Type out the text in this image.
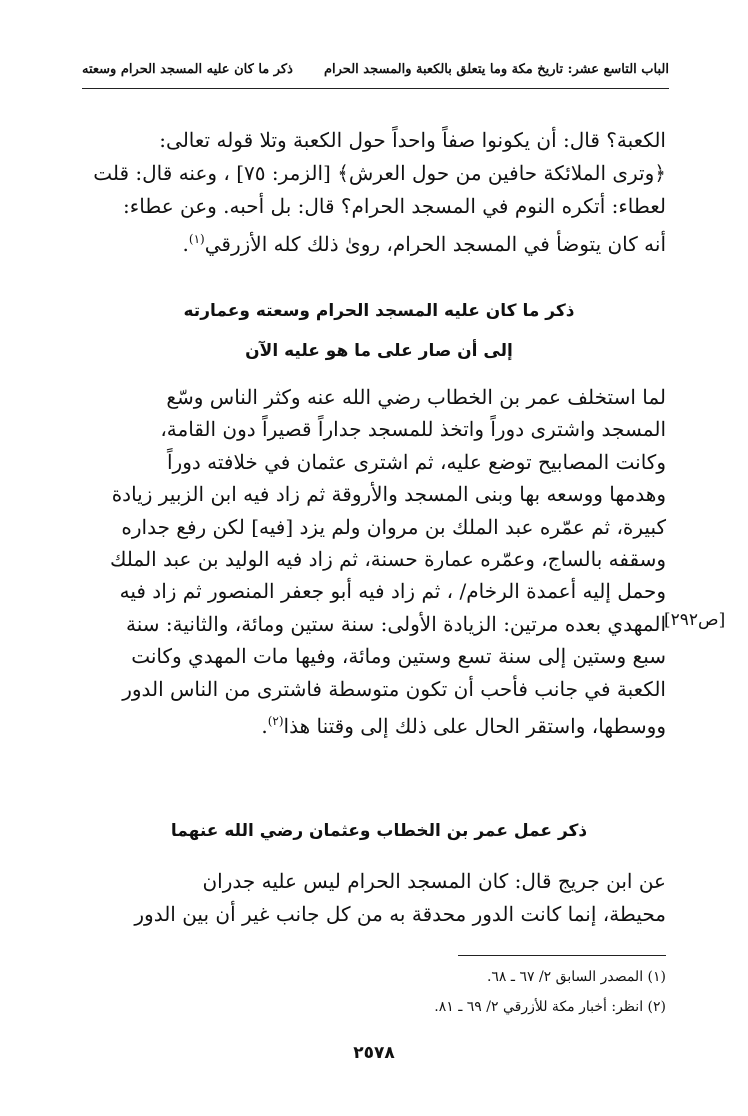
الباب التاسع عشر: تاريخ مكة وما يتعلق بالكعبة والمسجد الحرام
ذكر ما كان عليه المسجد الحرام وسعته
الكعبة؟ قال: أن يكونوا صفاً واحداً حول الكعبة وتلا قوله تعالى:
﴿وترى الملائكة حافين من حول العرش﴾ [الزمر: ٧٥] ، وعنه قال: قلت
لعطاء: أتكره النوم في المسجد الحرام؟ قال: بل أحبه. وعن عطاء:
أنه كان يتوضأ في المسجد الحرام، روىٰ ذلك كله الأزرقي$^{(١)}$.
ذكر ما كان عليه المسجد الحرام وسعته وعمارته
إلى أن صار على ما هو عليه الآن
لما استخلف عمر بن الخطاب رضي الله عنه وكثر الناس وسّع
المسجد واشترى دوراً واتخذ للمسجد جداراً قصيراً دون القامة،
وكانت المصابيح توضع عليه، ثم اشترى عثمان في خلافته دوراً
وهدمها ووسعه بها وبنى المسجد والأروقة ثم زاد فيه ابن الزبير زيادة
كبيرة، ثم عمّره عبد الملك بن مروان ولم يزد [فيه] لكن رفع جداره
وسقفه بالساج، وعمّره عمارة حسنة، ثم زاد فيه الوليد بن عبد الملك
وحمل إليه أعمدة الرخام/ ، ثم زاد فيه أبو جعفر المنصور ثم زاد فيه
المهدي بعده مرتين: الزيادة الأولى: سنة ستين ومائة، والثانية: سنة
سبع وستين إلى سنة تسع وستين ومائة، وفيها مات المهدي وكانت
الكعبة في جانب فأحب أن تكون متوسطة فاشترى من الناس الدور
ووسطها، واستقر الحال على ذلك إلى وقتنا هذا$^{(٢)}$.
[ص٢٩٢]
ذكر عمل عمر بن الخطاب وعثمان رضي الله عنهما
عن ابن جريج قال: كان المسجد الحرام ليس عليه جدران
محيطة، إنما كانت الدور محدقة به من كل جانب غير أن بين الدور
(١) المصدر السابق ٢/ ٦٧ ـ ٦٨.
(٢) انظر: أخبار مكة للأزرقي ٢/ ٦٩ ـ ٨١.
٢٥٧٨
